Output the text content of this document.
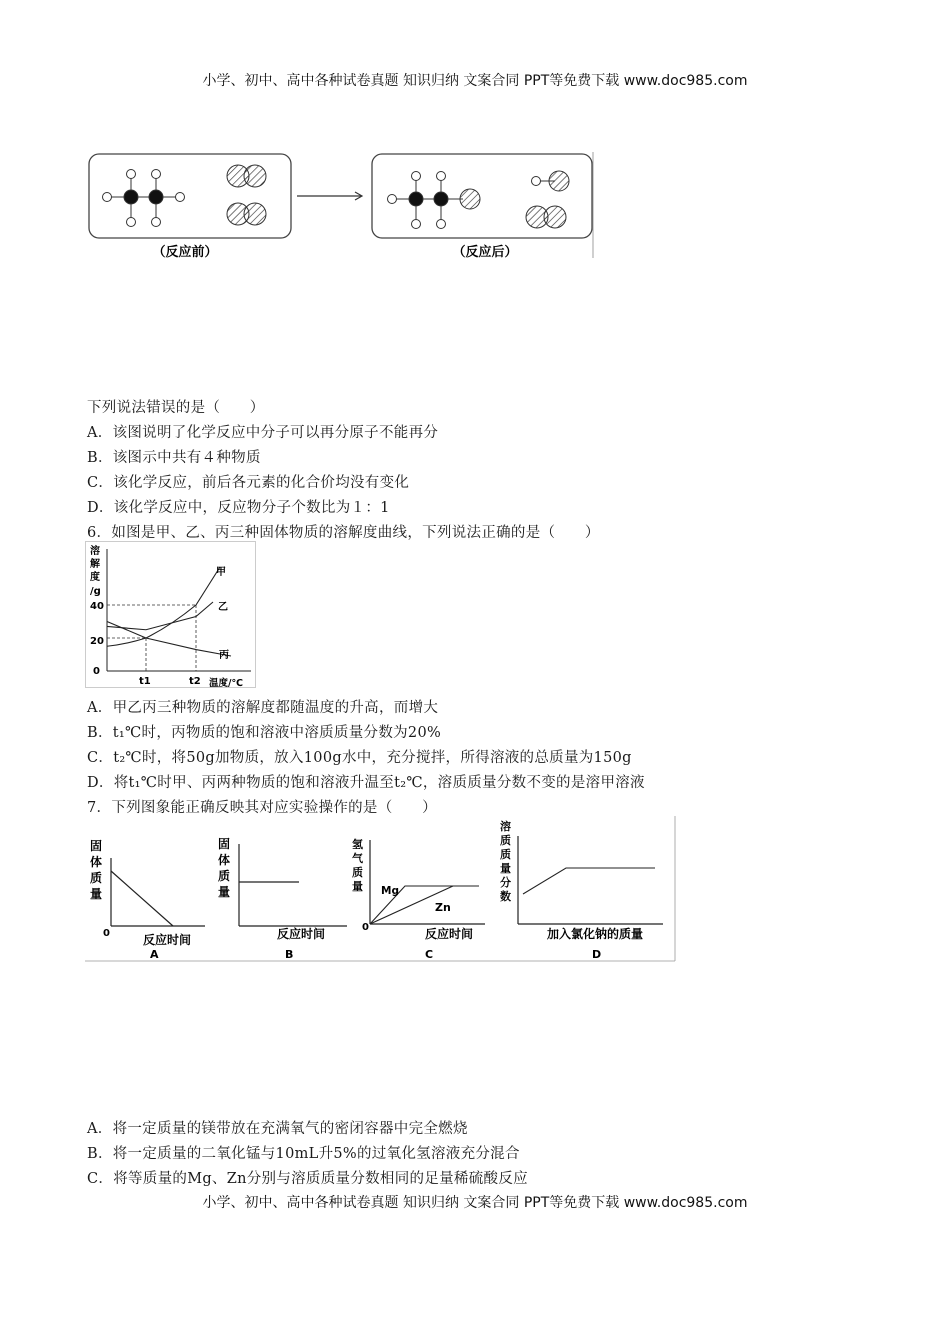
小学、初中、高中各种试卷真题 知识归纳 文案合同 PPT等免费下载 www.doc985.com
（反应前）	（反应后）
下列说法错误的是（　　）
A．该图说明了化学反应中分子可以再分原子不能再分
B．该图示中共有４种物质
C．该化学反应，前后各元素的化合价均没有变化
D．该化学反应中，反应物分子个数比为１：1
6．如图是甲、乙、丙三种固体物质的溶解度曲线，下列说法正确的是（　　）
溶
解
度
/g
40
20
0
t1	t2 温度/℃
甲
乙
丙
A．甲乙丙三种物质的溶解度都随温度的升高，而增大
B．t₁℃时，丙物质的饱和溶液中溶质质量分数为20%
C．t₂℃时，将50g加物质，放入100g水中，充分搅拌，所得溶液的总质量为150g
D．将t₁℃时甲、丙两种物质的饱和溶液升温至t₂℃，溶质质量分数不变的是溶甲溶液
7．下列图象能正确反映其对应实验操作的是（　　）
固
体
质
量
0	反应时间
A
固
体
质
量
反应时间
B
氢
气
质
量 Mg
Zn
0	反应时间
C
溶
质
质
量
分
数
加入氯化钠的质量
D
A．将一定质量的镁带放在充满氧气的密闭容器中完全燃烧
B．将一定质量的二氧化锰与10mL升5%的过氧化氢溶液充分混合
C．将等质量的Mg、Zn分别与溶质质量分数相同的足量稀硫酸反应
小学、初中、高中各种试卷真题 知识归纳 文案合同 PPT等免费下载 www.doc985.com
